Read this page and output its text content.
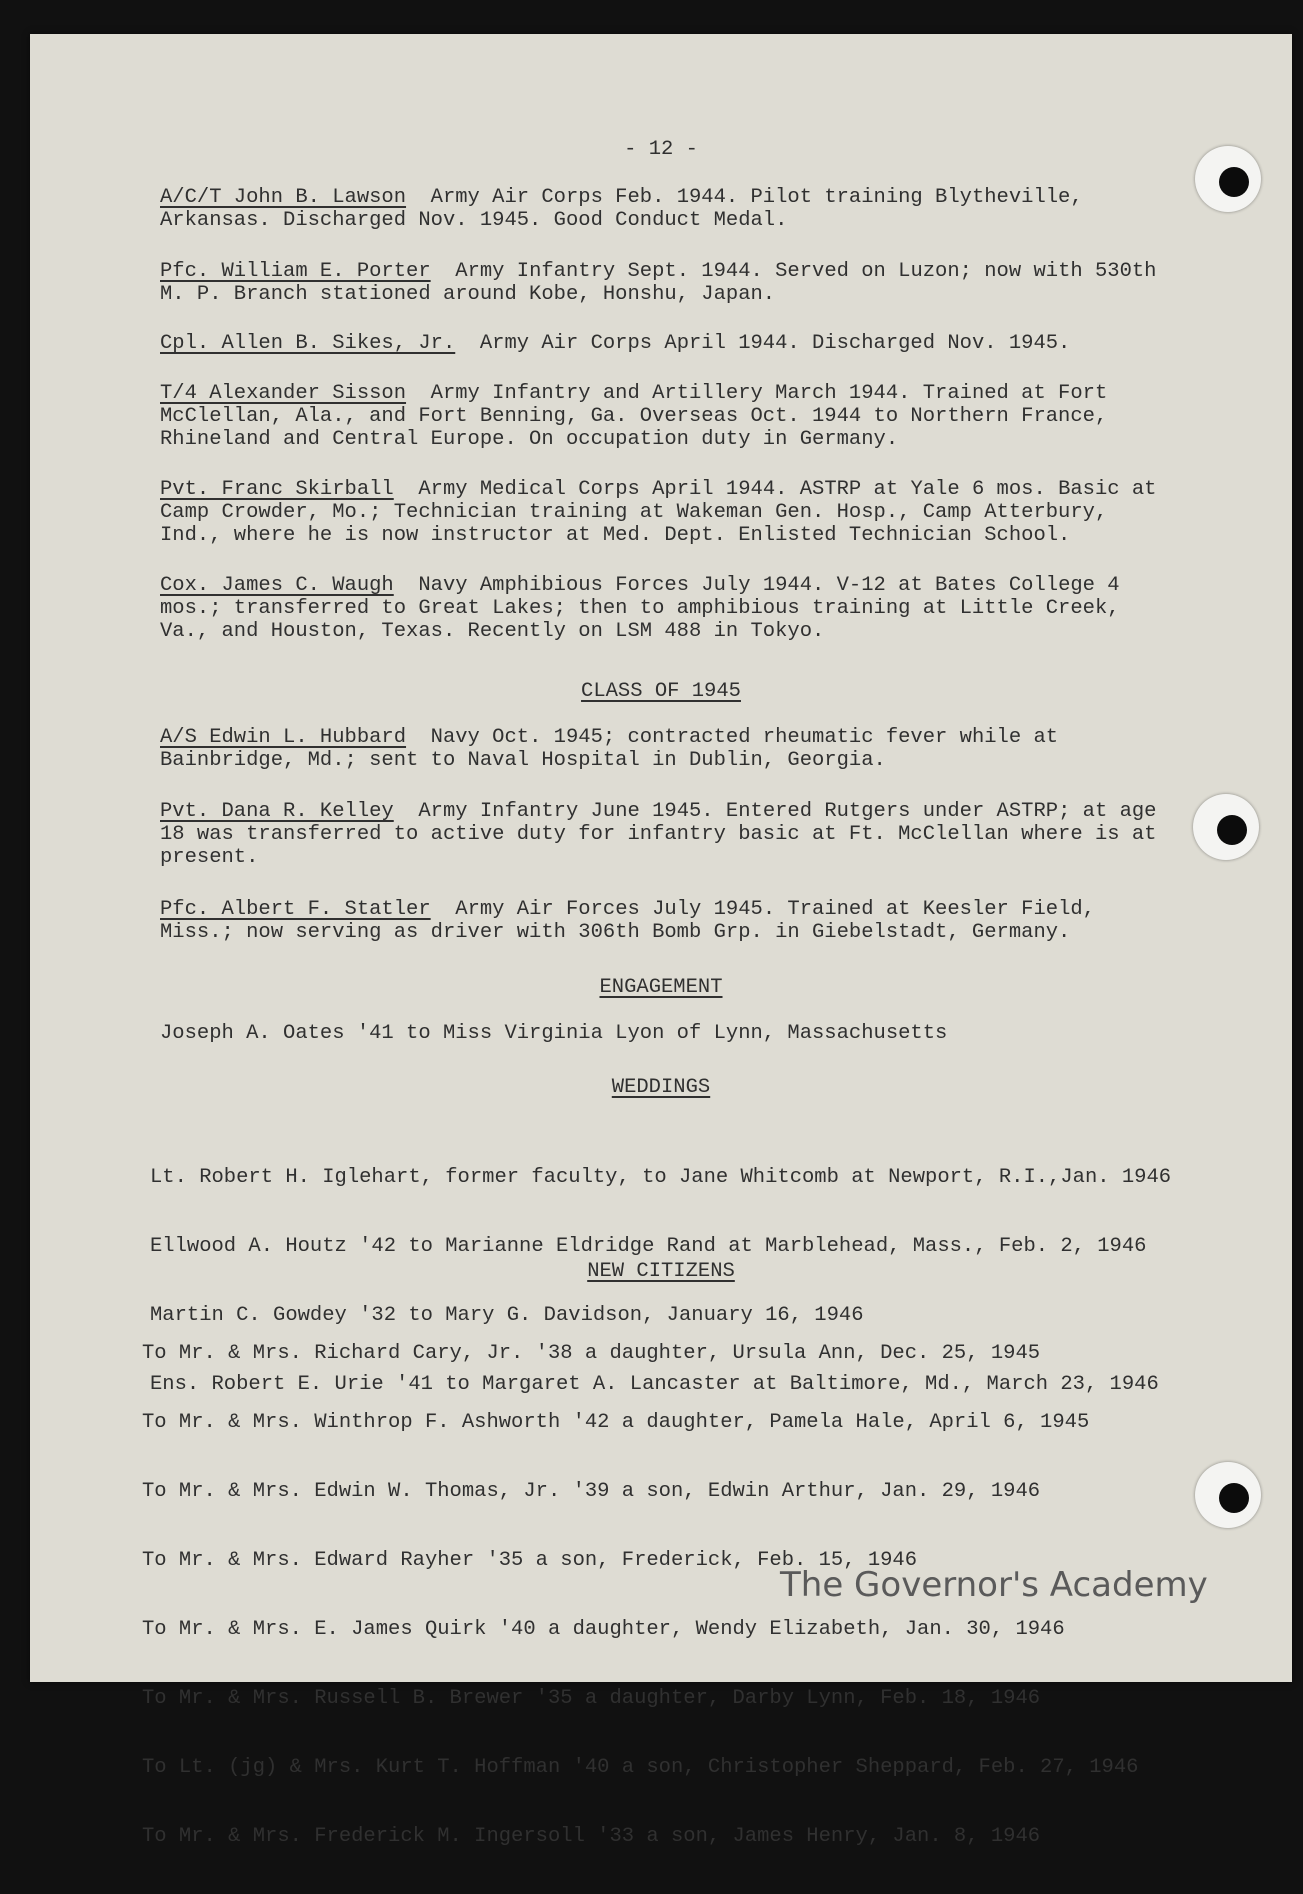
- 12 -
A/C/T John B. Lawson Army Air Corps Feb. 1944. Pilot training Blytheville, Arkansas. Discharged Nov. 1945. Good Conduct Medal.
Pfc. William E. Porter Army Infantry Sept. 1944. Served on Luzon; now with 530th M. P. Branch stationed around Kobe, Honshu, Japan.
Cpl. Allen B. Sikes, Jr. Army Air Corps April 1944. Discharged Nov. 1945.
T/4 Alexander Sisson Army Infantry and Artillery March 1944. Trained at Fort McClellan, Ala., and Fort Benning, Ga. Overseas Oct. 1944 to Northern France, Rhineland and Central Europe. On occupation duty in Germany.
Pvt. Franc Skirball Army Medical Corps April 1944. ASTRP at Yale 6 mos. Basic at Camp Crowder, Mo.; Technician training at Wakeman Gen. Hosp., Camp Atterbury, Ind., where he is now instructor at Med. Dept. Enlisted Technician School.
Cox. James C. Waugh Navy Amphibious Forces July 1944. V-12 at Bates College 4 mos.; transferred to Great Lakes; then to amphibious training at Little Creek, Va., and Houston, Texas. Recently on LSM 488 in Tokyo.
CLASS OF 1945
A/S Edwin L. Hubbard Navy Oct. 1945; contracted rheumatic fever while at Bainbridge, Md.; sent to Naval Hospital in Dublin, Georgia.
Pvt. Dana R. Kelley Army Infantry June 1945. Entered Rutgers under ASTRP; at age 18 was transferred to active duty for infantry basic at Ft. McClellan where is at present.
Pfc. Albert F. Statler Army Air Forces July 1945. Trained at Keesler Field, Miss.; now serving as driver with 306th Bomb Grp. in Giebelstadt, Germany.
ENGAGEMENT
Joseph A. Oates '41 to Miss Virginia Lyon of Lynn, Massachusetts
WEDDINGS

Lt. Robert H. Iglehart, former faculty, to Jane Whitcomb at Newport, R.I.,Jan. 1946

Ellwood A. Houtz '42 to Marianne Eldridge Rand at Marblehead, Mass., Feb. 2, 1946

Martin C. Gowdey '32 to Mary G. Davidson, January 16, 1946

Ens. Robert E. Urie '41 to Margaret A. Lancaster at Baltimore, Md., March 23, 1946

NEW CITIZENS

To Mr. & Mrs. Richard Cary, Jr. '38 a daughter, Ursula Ann, Dec. 25, 1945

To Mr. & Mrs. Winthrop F. Ashworth '42 a daughter, Pamela Hale, April 6, 1945

To Mr. & Mrs. Edwin W. Thomas, Jr. '39 a son, Edwin Arthur, Jan. 29, 1946

To Mr. & Mrs. Edward Rayher '35 a son, Frederick, Feb. 15, 1946

To Mr. & Mrs. E. James Quirk '40 a daughter, Wendy Elizabeth, Jan. 30, 1946

To Mr. & Mrs. Russell B. Brewer '35 a daughter, Darby Lynn, Feb. 18, 1946

To Lt. (jg) & Mrs. Kurt T. Hoffman '40 a son, Christopher Sheppard, Feb. 27, 1946

To Mr. & Mrs. Frederick M. Ingersoll '33 a son, James Henry, Jan. 8, 1946

The Governor's Academy
